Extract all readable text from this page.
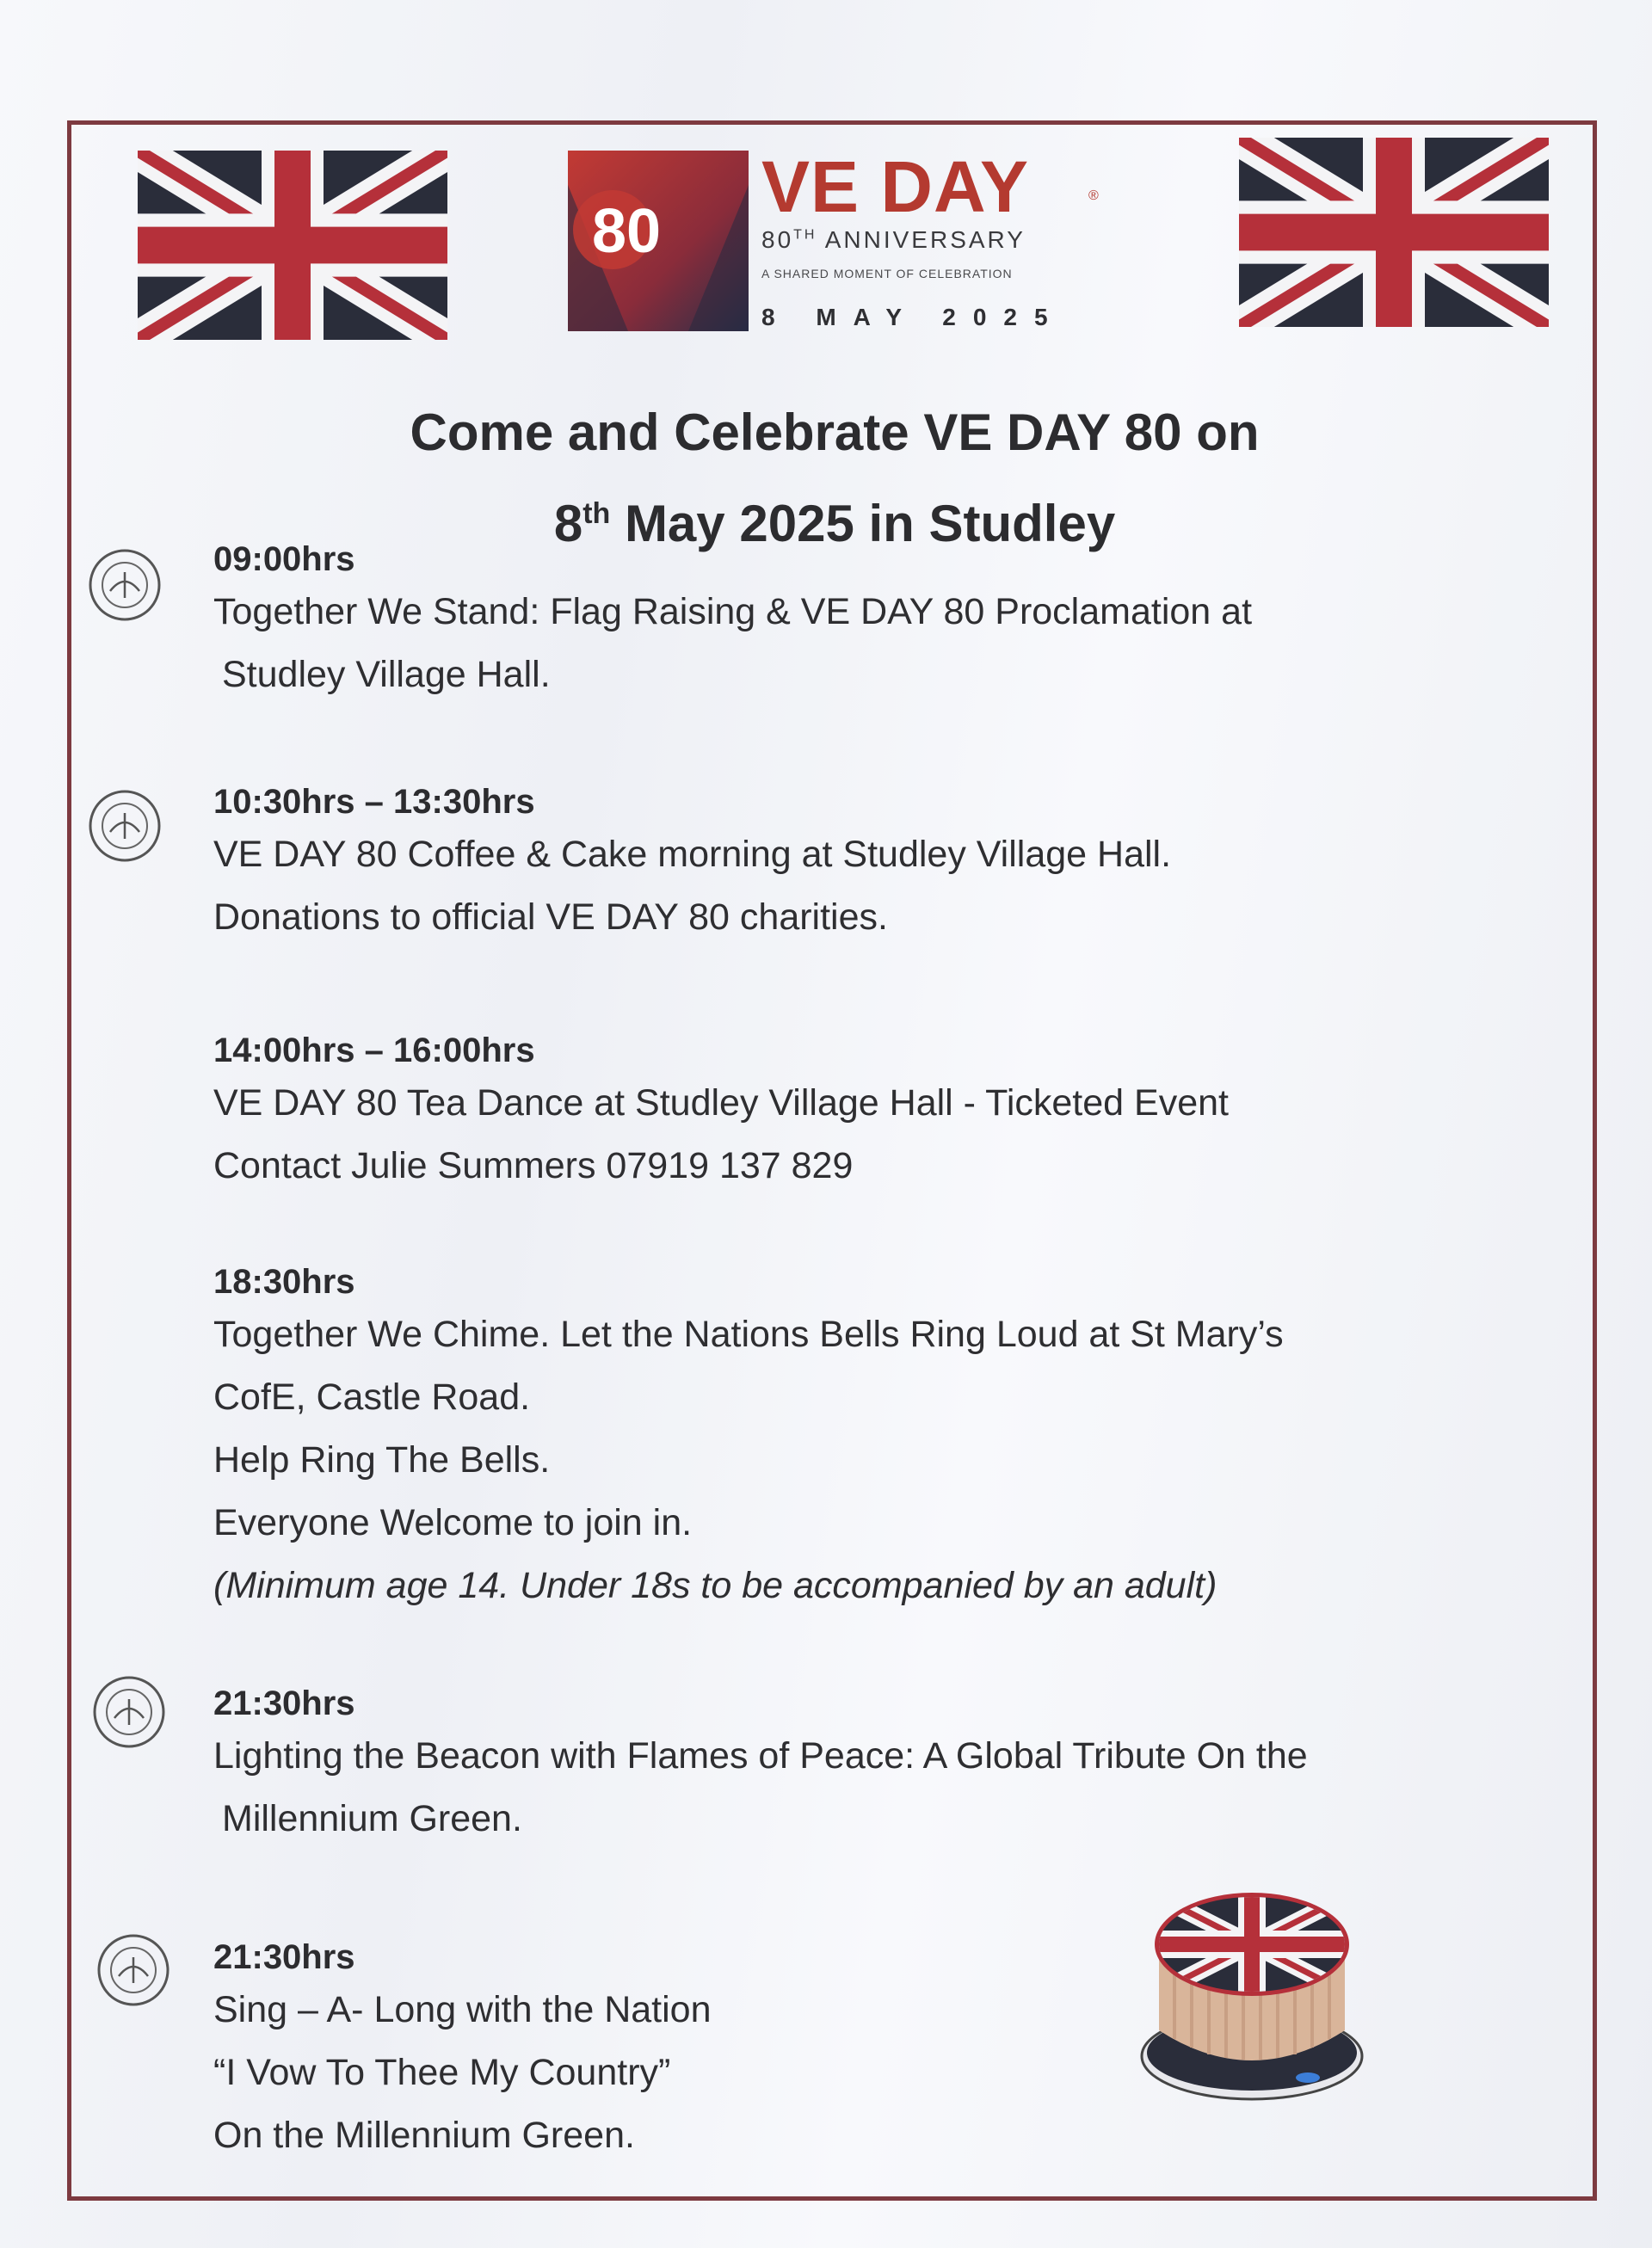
80
VE DAY	®
80TH ANNIVERSARY
A SHARED MOMENT OF CELEBRATION
8 MAY 2025
Come and Celebrate VE DAY 80 on
8th May 2025 in Studley
09:00hrs
Together We Stand: Flag Raising & VE DAY 80 Proclamation at
Studley Village Hall.
10:30hrs – 13:30hrs
VE DAY 80 Coffee & Cake morning at Studley Village Hall.
Donations to official VE DAY 80 charities.
14:00hrs – 16:00hrs
VE DAY 80 Tea Dance at Studley Village Hall - Ticketed Event
Contact Julie Summers 07919 137 829
18:30hrs
Together We Chime. Let the Nations Bells Ring Loud at St Mary’s
CofE, Castle Road.
Help Ring The Bells.
Everyone Welcome to join in.
(Minimum age 14. Under 18s to be accompanied by an adult)
21:30hrs
Lighting the Beacon with Flames of Peace: A Global Tribute On the
Millennium Green.
21:30hrs
Sing – A- Long with the Nation
“I Vow To Thee My Country”
On the Millennium Green.
